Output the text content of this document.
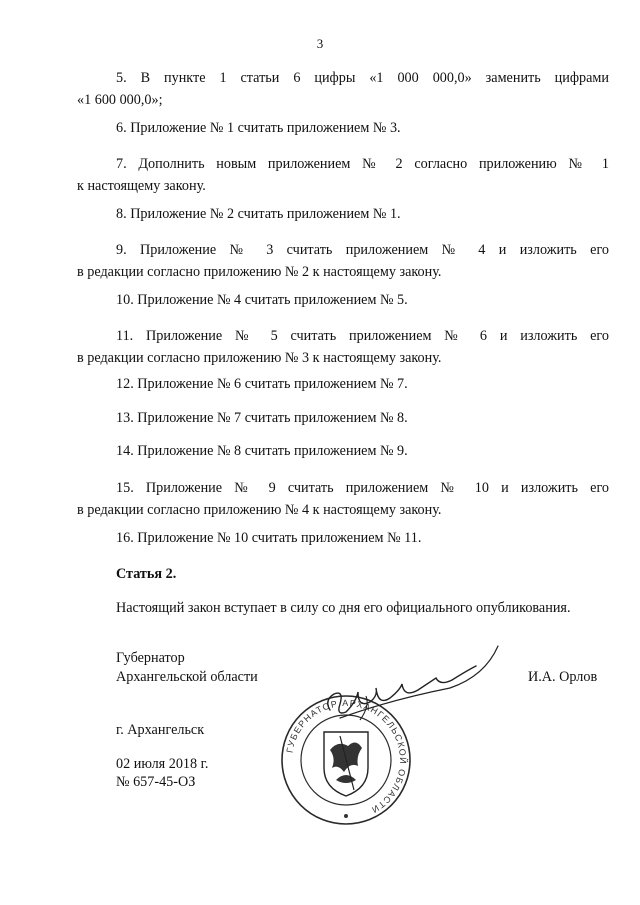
3
5. В пункте 1 статьи 6 цифры «1 000 000,0» заменить цифрами
«1 600 000,0»;
6. Приложение № 1 считать приложением № 3.
7. Дополнить новым приложением № 2 согласно приложению № 1
к настоящему закону.
8. Приложение № 2 считать приложением № 1.
9. Приложение № 3 считать приложением № 4 и изложить его
в редакции согласно приложению № 2 к настоящему закону.
10. Приложение № 4 считать приложением № 5.
11. Приложение № 5 считать приложением № 6 и изложить его
в редакции согласно приложению № 3 к настоящему закону.
12. Приложение № 6 считать приложением № 7.
13. Приложение № 7 считать приложением № 8.
14. Приложение № 8 считать приложением № 9.
15. Приложение № 9 считать приложением № 10 и изложить его
в редакции согласно приложению № 4 к настоящему закону.
16. Приложение № 10 считать приложением № 11.
Статья 2.
Настоящий закон вступает в силу со дня его официального опубликования.
Губернатор
Архангельской области	И.А. Орлов
г. Архангельск
02 июля 2018 г.
№ 657-45-ОЗ
ГУБЕРНАТОР АРХАНГЕЛЬСКОЙ ОБЛАСТИ
